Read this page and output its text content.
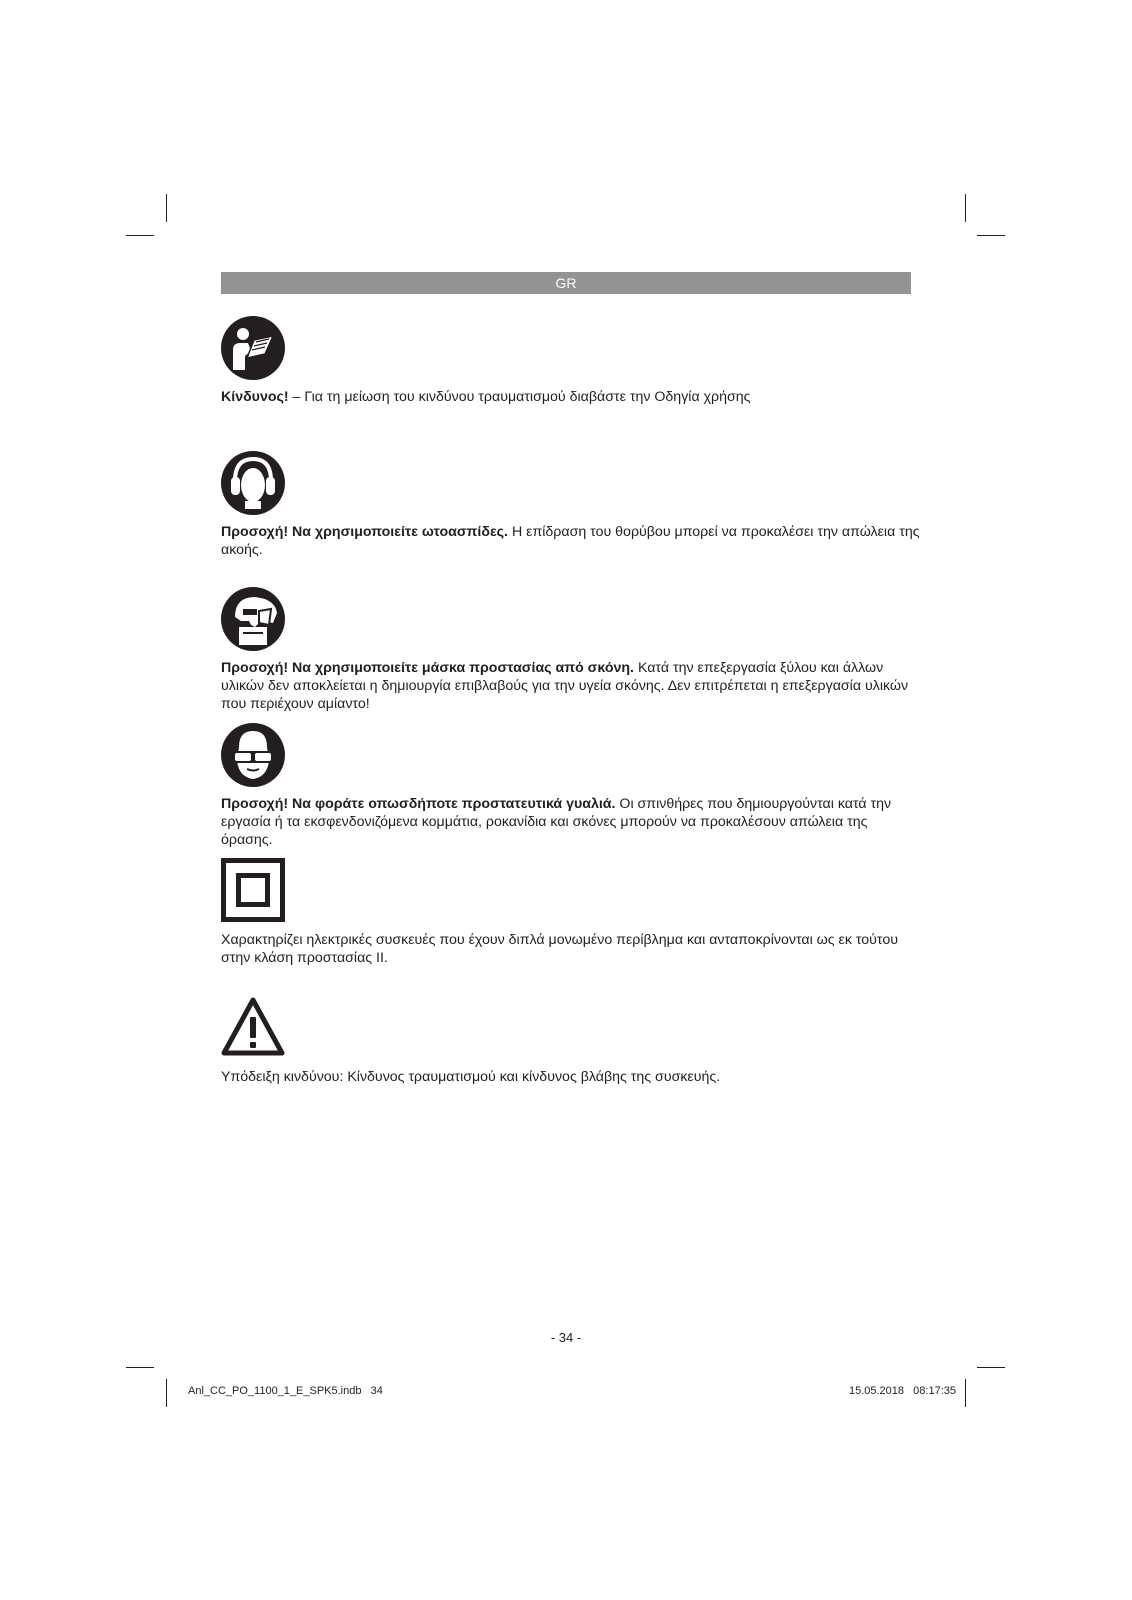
GR

Κίνδυνος! – Για τη μείωση του κινδύνου τραυματισμού διαβάστε την Οδηγία χρήσης

Προσοχή! Να χρησιμοποιείτε ωτοασπίδες. Η επίδραση του θορύβου μπορεί να προκαλέσει την απώλεια της ακοής.

Προσοχή! Να χρησιμοποιείτε μάσκα προστασίας από σκόνη. Κατά την επεξεργασία ξύλου και άλλων υλικών δεν αποκλείεται η δημιουργία επιβλαβούς για την υγεία σκόνης. Δεν επιτρέπεται η επεξεργασία υλικών που περιέχουν αμίαντο!

Προσοχή! Να φοράτε οπωσδήποτε προστατευτικά γυαλιά. Οι σπινθήρες που δημιουργούνται κατά την εργασία ή τα εκσφενδονιζόμενα κομμάτια, ροκανίδια και σκόνες μπορούν να προκαλέσουν απώλεια της όρασης.

Χαρακτηρίζει ηλεκτρικές συσκευές που έχουν διπλά μονωμένο περίβλημα και ανταποκρίνονται ως εκ τούτου στην κλάση προστασίας II.

Υπόδειξη κινδύνου: Κίνδυνος τραυματισμού και κίνδυνος βλάβης της συσκευής.

- 34 -
Anl_CC_PO_1100_1_E_SPK5.indb   34	15.05.2018   08:17:35
